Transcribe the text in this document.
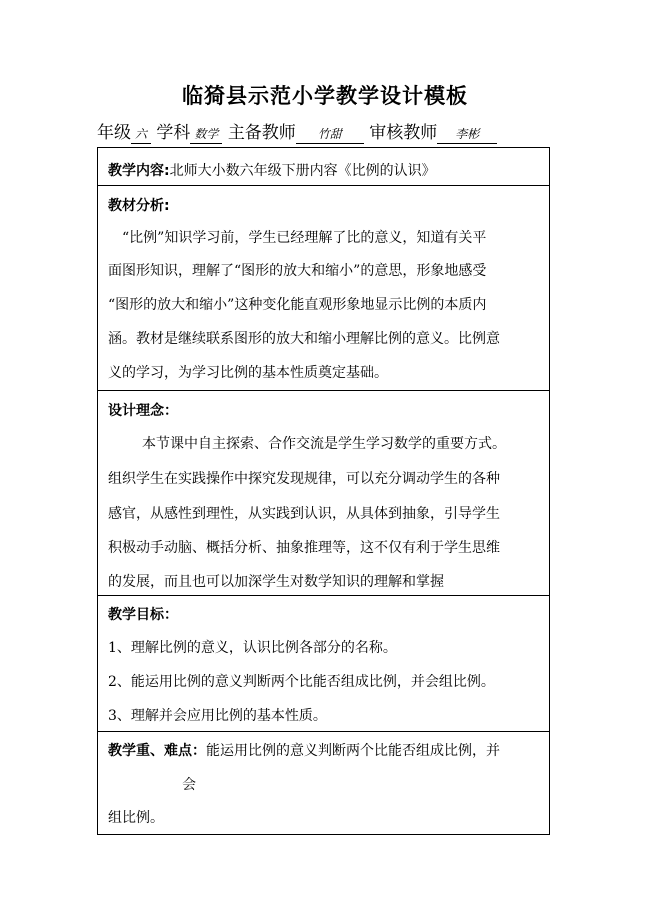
临猗县示范小学教学设计模板
年级 六 学科 数学 主备教师 竹甜 审核教师 李彬
教学内容:北师大小数六年级下册内容《比例的认识》
教材分析:
“比例”知识学习前，学生已经理解了比的意义，知道有关平
面图形知识，理解了“图形的放大和缩小”的意思，形象地感受
“图形的放大和缩小”这种变化能直观形象地显示比例的本质内
涵。教材是继续联系图形的放大和缩小理解比例的意义。比例意
义的学习，为学习比例的基本性质奠定基础。
设计理念：
本节课中自主探索、合作交流是学生学习数学的重要方式。
组织学生在实践操作中探究发现规律，可以充分调动学生的各种
感官，从感性到理性，从实践到认识，从具体到抽象，引导学生
积极动手动脑、概括分析、抽象推理等，这不仅有利于学生思维
的发展，而且也可以加深学生对数学知识的理解和掌握
教学目标：
1、理解比例的意义，认识比例各部分的名称。
2、能运用比例的意义判断两个比能否组成比例，并会组比例。
3、理解并会应用比例的基本性质。
教学重、难点：能运用比例的意义判断两个比能否组成比例，并
会
组比例。
